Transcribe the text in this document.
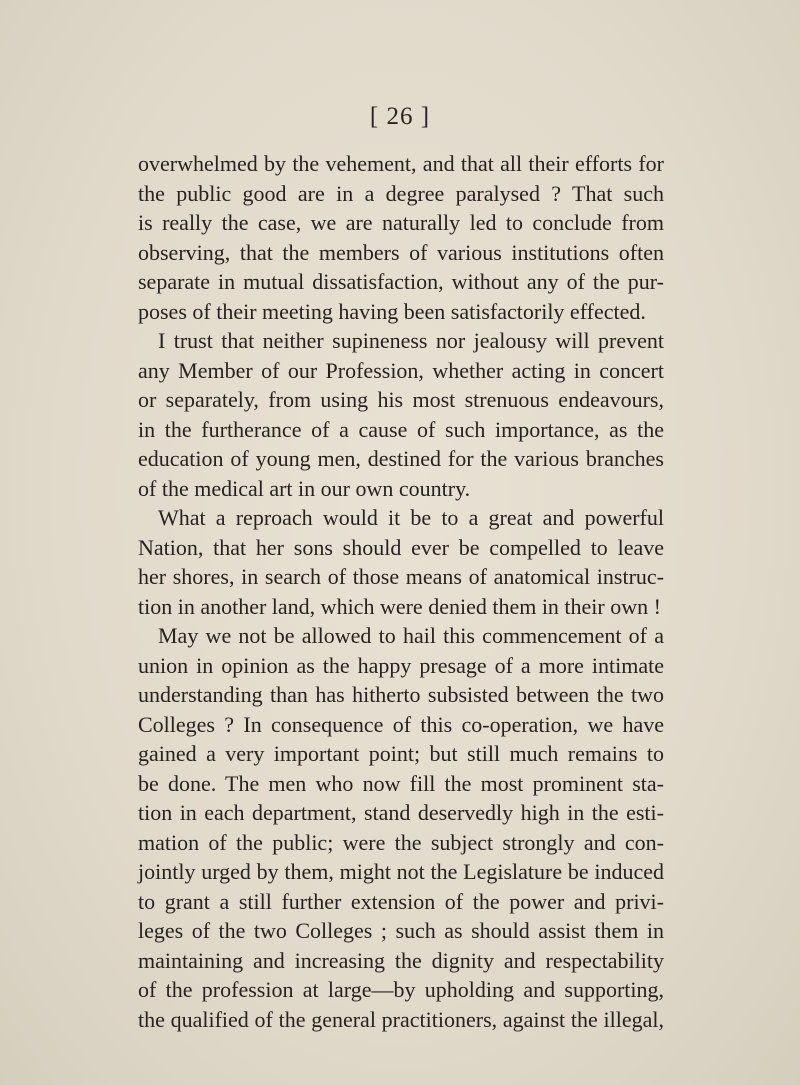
[ 26 ]
overwhelmed by the vehement, and that all their efforts for
the public good are in a degree paralysed ? That such
is really the case, we are naturally led to conclude from
observing, that the members of various institutions often
separate in mutual dissatisfaction, without any of the pur-
poses of their meeting having been satisfactorily effected.
I trust that neither supineness nor jealousy will prevent
any Member of our Profession, whether acting in concert
or separately, from using his most strenuous endeavours,
in the furtherance of a cause of such importance, as the
education of young men, destined for the various branches
of the medical art in our own country.
What a reproach would it be to a great and powerful
Nation, that her sons should ever be compelled to leave
her shores, in search of those means of anatomical instruc-
tion in another land, which were denied them in their own !
May we not be allowed to hail this commencement of a
union in opinion as the happy presage of a more intimate
understanding than has hitherto subsisted between the two
Colleges ? In consequence of this co-operation, we have
gained a very important point; but still much remains to
be done. The men who now fill the most prominent sta-
tion in each department, stand deservedly high in the esti-
mation of the public; were the subject strongly and con-
jointly urged by them, might not the Legislature be induced
to grant a still further extension of the power and privi-
leges of the two Colleges ; such as should assist them in
maintaining and increasing the dignity and respectability
of the profession at large—by upholding and supporting,
the qualified of the general practitioners, against the illegal,
